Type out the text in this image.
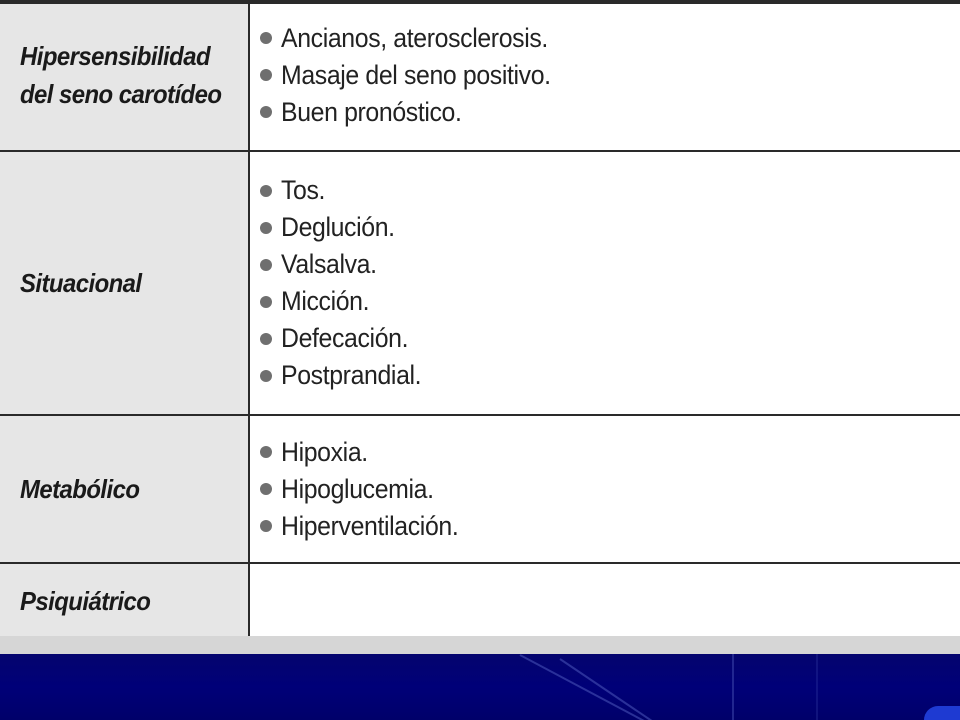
Hipersensibilidad
del seno carotídeo
Ancianos, aterosclerosis.
Masaje del seno positivo.
Buen pronóstico.
Situacional
Tos.
Deglución.
Valsalva.
Micción.
Defecación.
Postprandial.
Metabólico
Hipoxia.
Hipoglucemia.
Hiperventilación.
Psiquiátrico
